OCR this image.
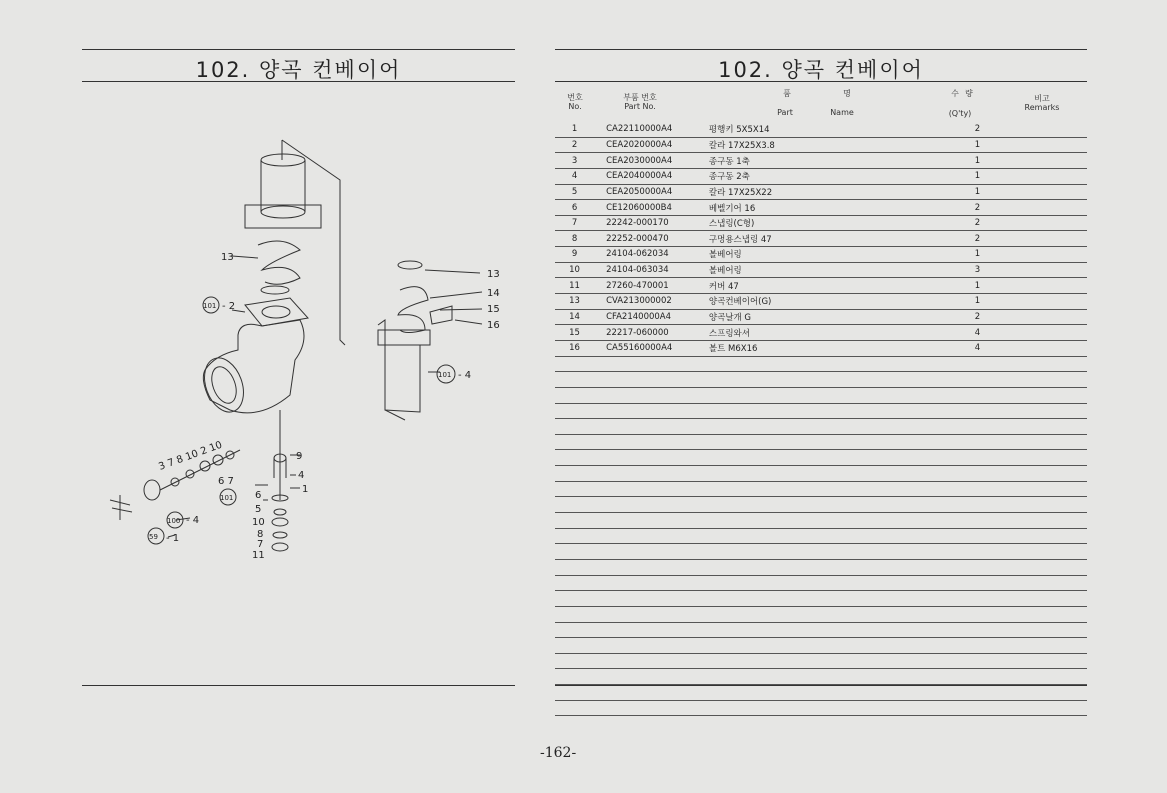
102. 양곡 컨베이어
13
101 - 2
13
14
15
16
101 - 4
9
4
1
6
5
10
8
7
11
100 - 4
59 - 1
101
6 7
3 7 8 10 2 10
102. 양곡 컨베이어
번호
No.
부품 번호
Part No.
품	명
Part	Name
수 량
(Q'ty)
비고
Remarks
1	CA22110000A4	평행키 5X5X14	2	
2	CEA2020000A4	칼라 17X25X3.8	1	
3	CEA2030000A4	종구동 1축	1	
4	CEA2040000A4	종구동 2축	1	
5	CEA2050000A4	칼라 17X25X22	1	
6	CE12060000B4	베벨기어 16	2	
7	22242-000170	스냅링(C형)	2	
8	22252-000470	구멍용스냅링 47	2	
9	24104-062034	볼베어링	1	
10	24104-063034	볼베어링	3	
11	27260-470001	커버 47	1	
13	CVA213000002	양곡컨베이어(G)	1	
14	CFA2140000A4	양곡날개 G	2	
15	22217-060000	스프링와셔	4	
16	CA55160000A4	볼트 M6X16	4	

-162-
